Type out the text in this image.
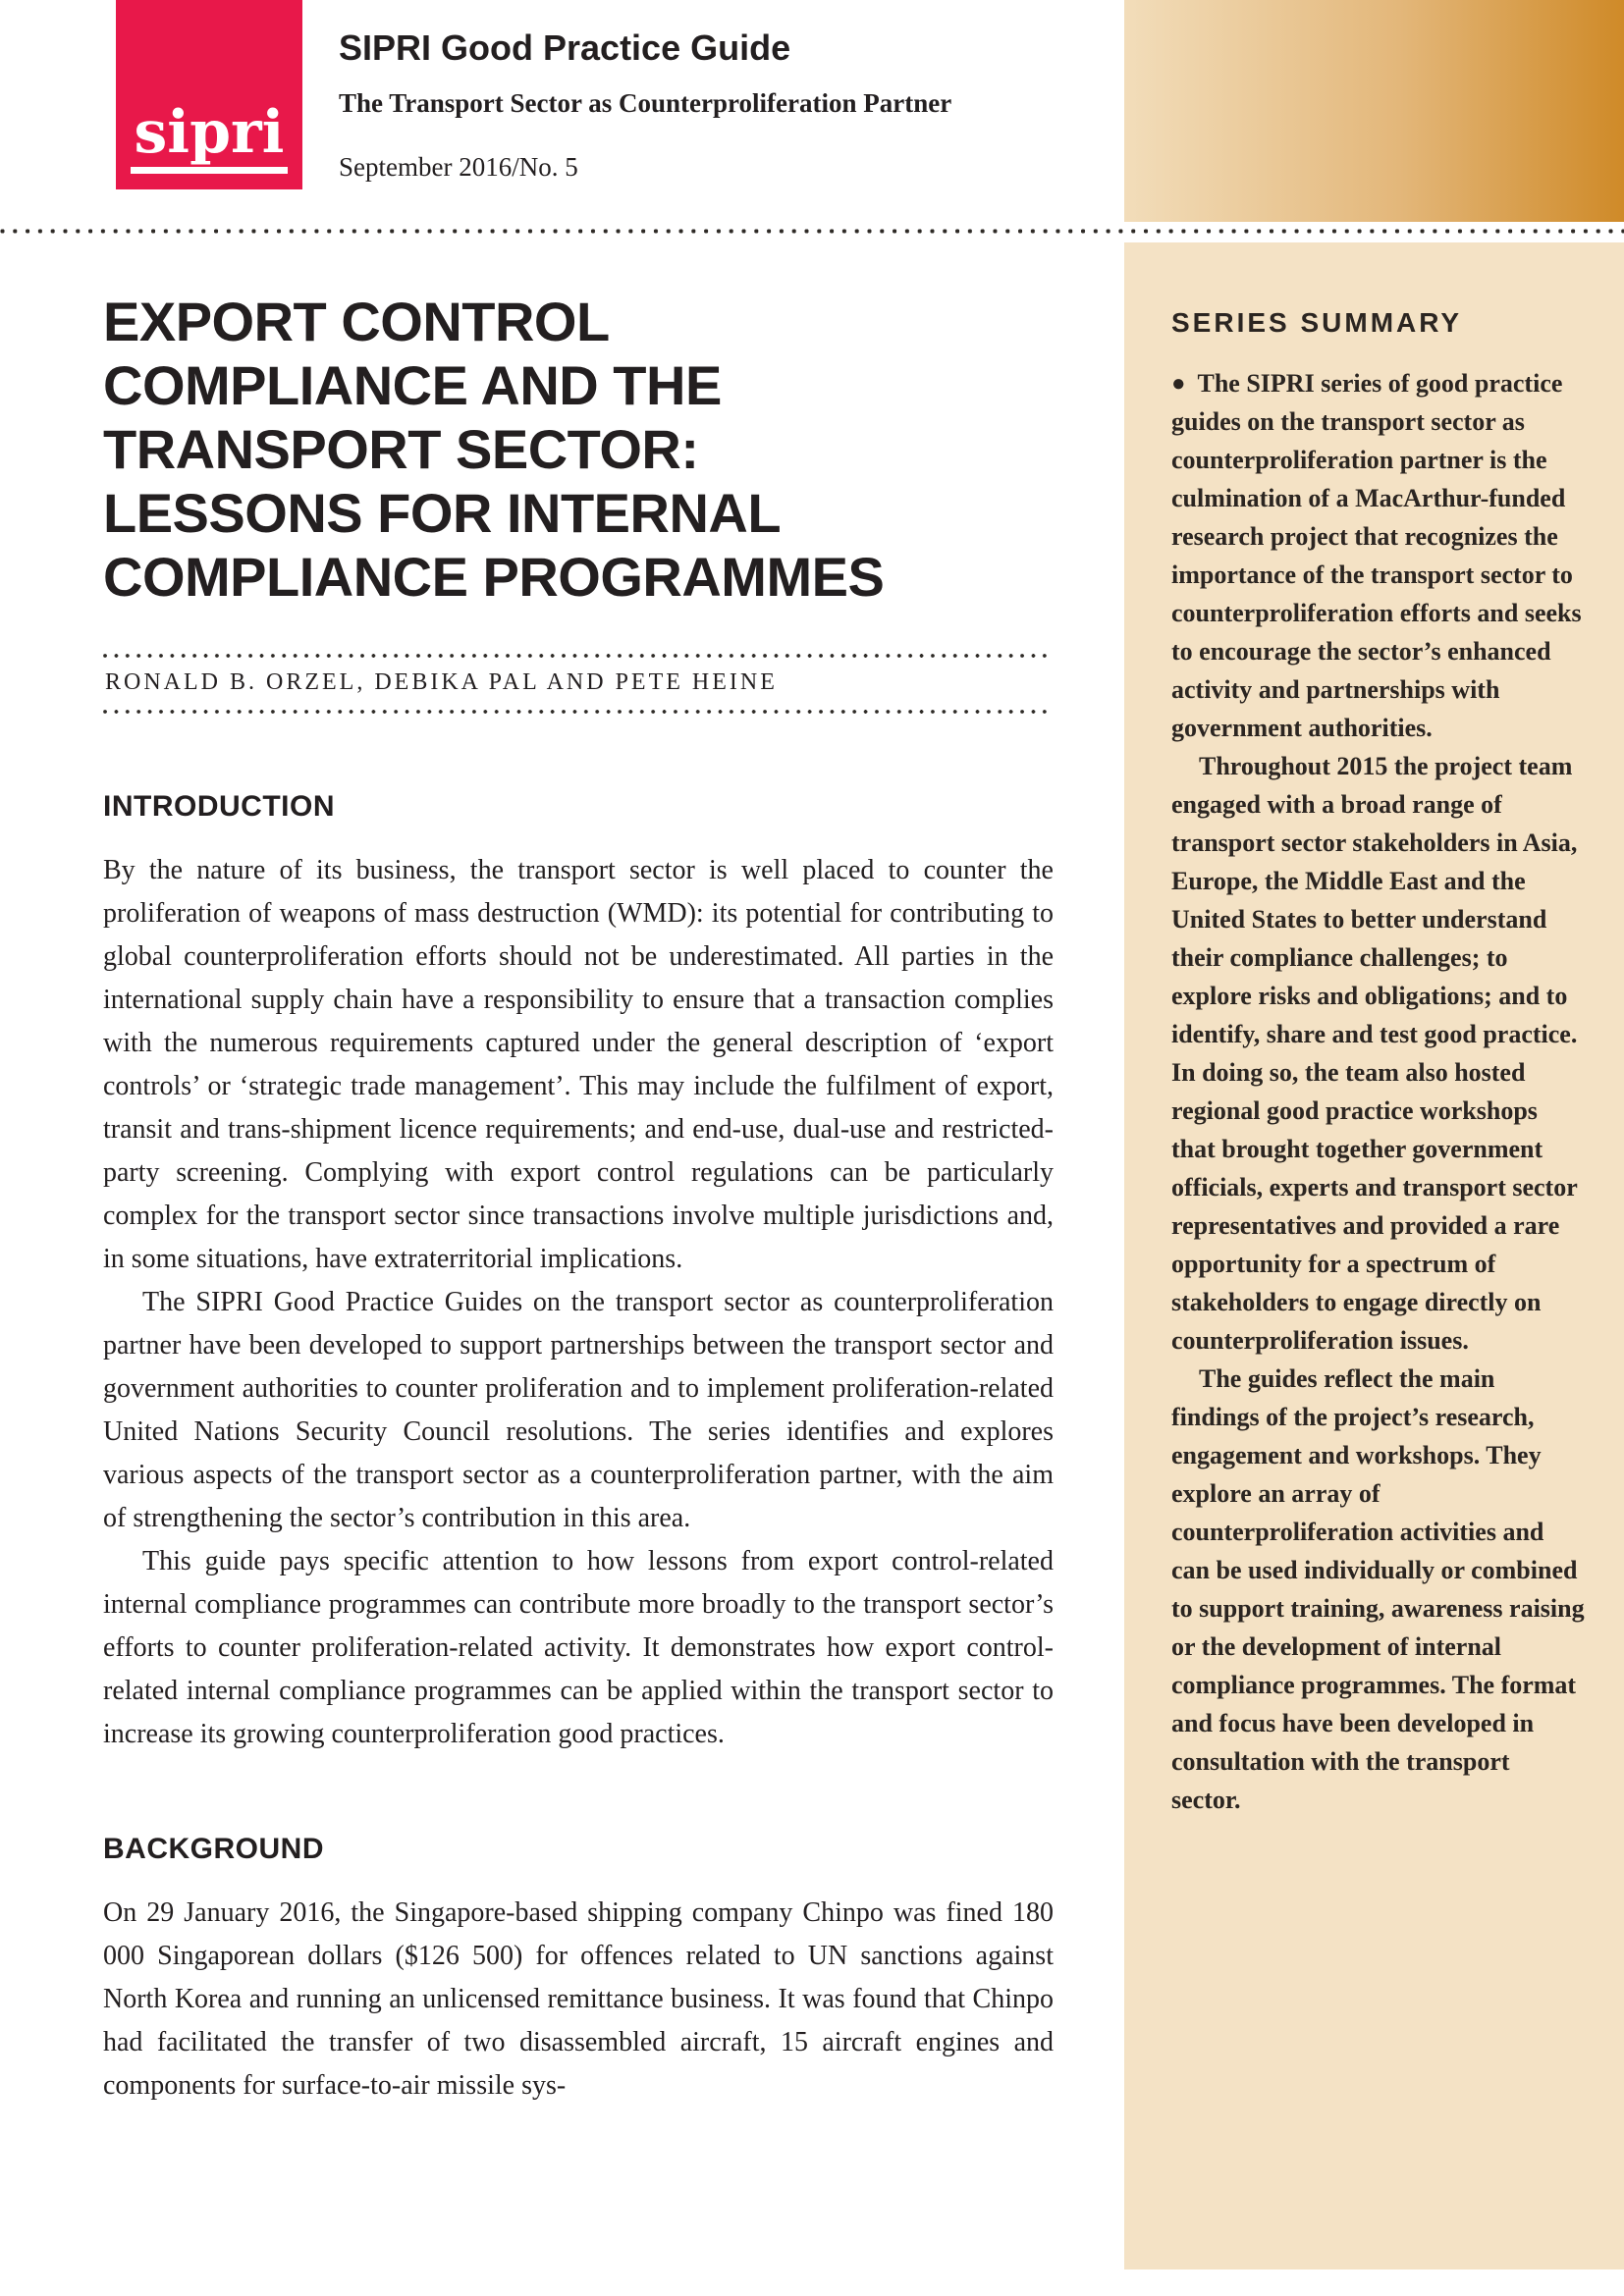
sipri
SIPRI Good Practice Guide
The Transport Sector as Counterproliferation Partner
September 2016/No. 5
EXPORT CONTROL
COMPLIANCE AND THE
TRANSPORT SECTOR:
LESSONS FOR INTERNAL
COMPLIANCE PROGRAMMES
RONALD B. ORZEL, DEBIKA PAL AND PETE HEINE
INTRODUCTION

By the nature of its business, the transport sector is well placed to counter the proliferation of weapons of mass destruction (WMD): its potential for contributing to global counterproliferation efforts should not be underestimated. All parties in the international supply chain have a responsibility to ensure that a transaction complies with the numerous requirements captured under the general description of ‘export controls’ or ‘strategic trade management’. This may include the fulfilment of export, transit and trans-shipment licence requirements; and end-use, dual-use and restricted-party screening. Complying with export control regulations can be particularly complex for the transport sector since transactions involve multiple jurisdictions and, in some situations, have extraterritorial implications.

The SIPRI Good Practice Guides on the transport sector as counterproliferation partner have been developed to support partnerships between the transport sector and government authorities to counter proliferation and to implement proliferation-related United Nations Security Council resolutions. The series identifies and explores various aspects of the transport sector as a counterproliferation partner, with the aim of strengthening the sector’s contribution in this area.

This guide pays specific attention to how lessons from export control-related internal compliance programmes can contribute more broadly to the transport sector’s efforts to counter proliferation-related activity. It demonstrates how export control-related internal compliance programmes can be applied within the transport sector to increase its growing counterproliferation good practices.

BACKGROUND

On 29 January 2016, the Singapore-based shipping company Chinpo was fined 180 000 Singaporean dollars ($126 500) for offences related to UN sanctions against North Korea and running an unlicensed remittance business. It was found that Chinpo had facilitated the transfer of two disassembled aircraft, 15 aircraft engines and components for surface-to-air missile sys-

SERIES SUMMARY

● The SIPRI series of good practice guides on the transport sector as counterproliferation partner is the culmination of a MacArthur-funded research project that recognizes the importance of the transport sector to counterproliferation efforts and seeks to encourage the sector’s enhanced activity and partnerships with government authorities.

Throughout 2015 the project team engaged with a broad range of transport sector stakeholders in Asia, Europe, the Middle East and the United States to better understand their compliance challenges; to explore risks and obligations; and to identify, share and test good practice. In doing so, the team also hosted regional good practice workshops that brought together government officials, experts and transport sector representatives and provided a rare opportunity for a spectrum of stakeholders to engage directly on counterproliferation issues.

The guides reflect the main findings of the project’s research, engagement and workshops. They explore an array of counterproliferation activities and can be used individually or combined to support training, awareness raising or the development of internal compliance programmes. The format and focus have been developed in consultation with the transport sector.
